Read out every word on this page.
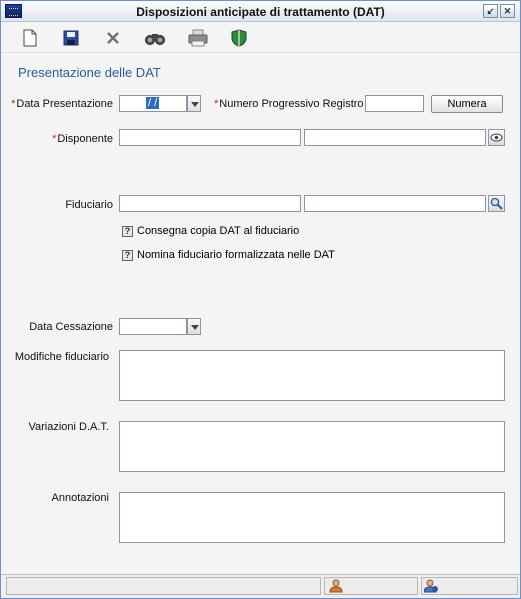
Disposizioni anticipate di trattamento (DAT)	↙	✕
Presentazione delle DAT
*Data Presentazione	/ /	*Numero Progressivo Registro	Numera
*Disponente
Fiduciario
? Consegna copia DAT al fiduciario
? Nomina fiduciario formalizzata nelle DAT
Data Cessazione
Modifiche fiduciario
Variazioni D.A.T.
Annotazioni
